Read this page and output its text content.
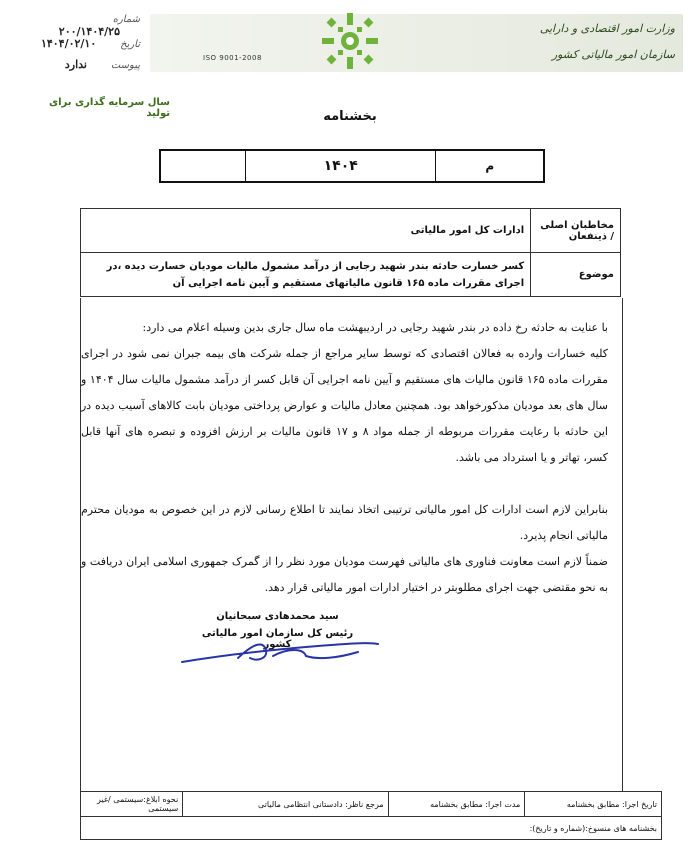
شماره ۲۰۰/۱۴۰۴/۲۵
تاریخ ۱۴۰۴/۰۲/۱۰
پیوست ندارد
وزارت امور اقتصادی و دارایی
سازمان امور مالیاتی کشور
ISO 9001-2008
سال سرمایه گذاری برای تولید	بخشنامه
	۱۴۰۴	م
ادارات کل امور مالیاتی	مخاطبان اصلی / ذینفعان
کسر خسارت حادثه بندر شهید رجایی از درآمد مشمول مالیات مودیان خسارت دیده ،در اجرای مقررات ماده ۱۶۵ قانون مالیاتهای مستقیم و آیین نامه اجرایی آن	موضوع
با عنایت به حادثه رخ داده در بندر شهید رجایی در اردیبهشت ماه سال جاری بدین وسیله اعلام می دارد:
کلیه خسارات وارده به فعالان اقتصادی که توسط سایر مراجع از جمله شرکت های بیمه جبران نمی شود در اجرای مقررات ماده ۱۶۵ قانون مالیات های مستقیم و آیین نامه اجرایی آن قابل کسر از درآمد مشمول مالیات سال ۱۴۰۴ و سال های بعد مودیان مذکورخواهد بود. همچنین معادل مالیات و عوارض پرداختی مودیان بابت کالاهای آسیب دیده در این حادثه با رعایت مقررات مربوطه از جمله مواد ۸ و ۱۷ قانون مالیات بر ارزش افزوده و تبصره های آنها قابل کسر، تهاتر و یا استرداد می باشد.
بنابراین لازم است ادارات کل امور مالیاتی ترتیبی اتخاذ نمایند تا اطلاع رسانی لازم در این خصوص به مودیان محترم مالیاتی انجام پذیرد.
ضمناً لازم است معاونت فناوری های مالیاتی فهرست مودیان مورد نظر را از گمرک جمهوری اسلامی ایران دریافت و به نحو مقتضی جهت اجرای مطلوبتر در اختیار ادارات امور مالیاتی قرار دهد.
سید محمدهادی سبحانیان
رئیس کل سازمان امور مالیاتی کشور
نحوه ابلاغ:سیستمی /غیر سیستمی	مرجع ناظر: دادستانی انتظامی مالیاتی	مدت اجرا: مطابق بخشنامه	تاریخ اجرا: مطابق بخشنامه
بخشنامه های منسوخ:(شماره و تاریخ):
